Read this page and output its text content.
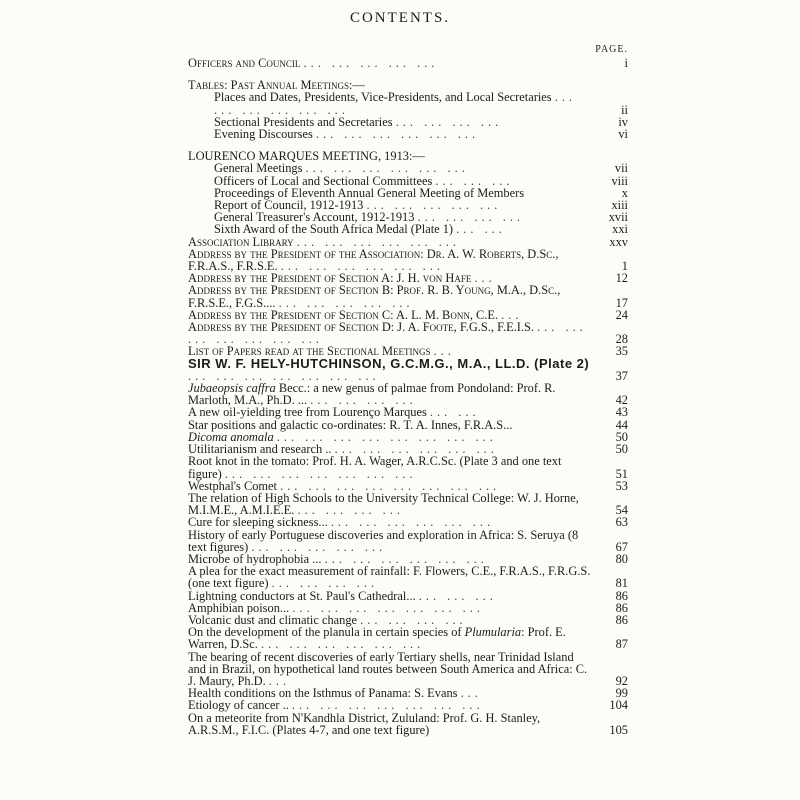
CONTENTS.
PAGE.
Officers and Council ... ... ... ... ...	i
Tables: Past Annual Meetings:—
Places and Dates, Presidents, Vice-Presidents, and Local Secretaries ... ... ... ... ... ...	ii
Sectional Presidents and Secretaries ... ... ... ...	iv
Evening Discourses ... ... ... ... ... ...	vi
LOURENCO MARQUES MEETING, 1913:—
General Meetings ... ... ... ... ... ...	vii
Officers of Local and Sectional Committees ... ... ...	viii
Proceedings of Eleventh Annual General Meeting of Members	x
Report of Council, 1912-1913 ... ... ... ... ...	xiii
General Treasurer's Account, 1912-1913 ... ... ... ...	xvii
Sixth Award of the South Africa Medal (Plate 1) ... ...	xxi
Association Library ... ... ... ... ... ...	xxv
Address by the President of the Association: Dr. A. W. Roberts, D.Sc., F.R.A.S., F.R.S.E. ... ... ... ... ... ...	1
Address by the President of Section A: J. H. von Hafe ...	12
Address by the President of Section B: Prof. R. B. Young, M.A., D.Sc., F.R.S.E., F.G.S.... ... ... ... ... ...	17
Address by the President of Section C: A. L. M. Bonn, C.E. ...	24
Address by the President of Section D: J. A. Foote, F.G.S., F.E.I.S. ... ... ... ... ... ... ...	28
List of Papers read at the Sectional Meetings ...	35
SIR W. F. HELY-HUTCHINSON, G.C.M.G., M.A., LL.D. (Plate 2) ... ... ... ... ... ... ...	37
Jubaeopsis caffra Becc.: a new genus of palmae from Pondoland: Prof. R. Marloth, M.A., Ph.D. ... ... ... ... ...	42
A new oil-yielding tree from Lourenço Marques ... ...	43
Star positions and galactic co-ordinates: R. T. A. Innes, F.R.A.S...	44
Dicoma anomala ... ... ... ... ... ... ... ...	50
Utilitarianism and research .. ... ... ... ... ... ...	50
Root knot in the tomato: Prof. H. A. Wager, A.R.C.Sc. (Plate 3 and one text figure) ... ... ... ... ... ... ...	51
Westphal's Comet ... ... ... ... ... ... ... ...	53
The relation of High Schools to the University Technical College: W. J. Horne, M.I.M.E., A.M.I.E.E. ... ... ... ...	54
Cure for sleeping sickness... ... ... ... ... ... ...	63
History of early Portuguese discoveries and exploration in Africa: S. Seruya (8 text figures) ... ... ... ... ...	67
Microbe of hydrophobia ... ... ... ... ... ... ...	80
A plea for the exact measurement of rainfall: F. Flowers, C.E., F.R.A.S., F.R.G.S. (one text figure) ... ... ... ...	81
Lightning conductors at St. Paul's Cathedral... ... ... ...	86
Amphibian poison... ... ... ... ... ... ... ...	86
Volcanic dust and climatic change ... ... ... ...	86
On the development of the planula in certain species of Plumularia: Prof. E. Warren, D.Sc. ... ... ... ... ... ...	87
The bearing of recent discoveries of early Tertiary shells, near Trinidad Island and in Brazil, on hypothetical land routes between South America and Africa: C. J. Maury, Ph.D. ...	92
Health conditions on the Isthmus of Panama: S. Evans ...	99
Etiology of cancer .. ... ... ... ... ... ... ...	104
On a meteorite from N'Kandhla District, Zululand: Prof. G. H. Stanley, A.R.S.M., F.I.C. (Plates 4-7, and one text figure)	105
